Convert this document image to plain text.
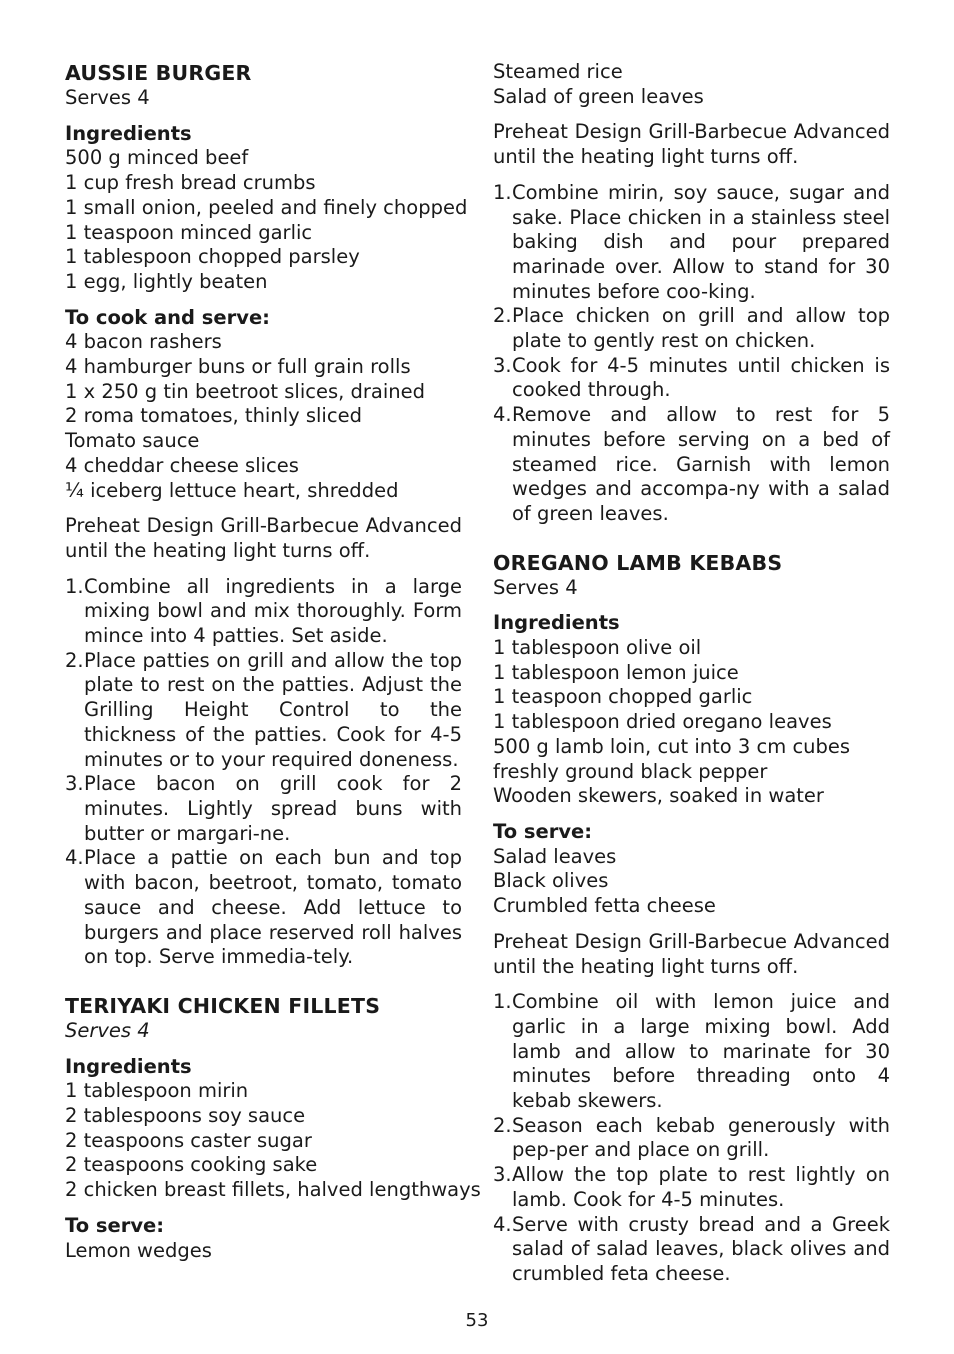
AUSSIE BURGER
Serves 4
Ingredients
500 g minced beef
1 cup fresh bread crumbs
1 small onion, peeled and finely chopped
1 teaspoon minced garlic
1 tablespoon chopped parsley
1 egg, lightly beaten
To cook and serve:
4 bacon rashers
4 hamburger buns or full grain rolls
1 x 250 g tin beetroot slices, drained
2 roma tomatoes, thinly sliced
Tomato sauce
4 cheddar cheese slices
¼ iceberg lettuce heart, shredded
Preheat Design Grill-Barbecue Advanced until the heating light turns off.
1. Combine all ingredients in a large mixing bowl and mix thoroughly. Form mince into 4 patties. Set aside.
2. Place patties on grill and allow the top plate to rest on the patties. Adjust the Grilling Height Control to the thickness of the patties. Cook for 4-5 minutes or to your required doneness.
3. Place bacon on grill cook for 2 minutes. Lightly spread buns with butter or margari-ne.
4. Place a pattie on each bun and top with bacon, beetroot, tomato, tomato sauce and cheese. Add lettuce to burgers and place reserved roll halves on top. Serve immedia-tely.
TERIYAKI CHICKEN FILLETS
Serves 4
Ingredients
1 tablespoon mirin
2 tablespoons soy sauce
2 teaspoons caster sugar
2 teaspoons cooking sake
2 chicken breast fillets, halved lengthways
To serve:
Lemon wedges
Steamed rice
Salad of green leaves
Preheat Design Grill-Barbecue Advanced until the heating light turns off.
1. Combine mirin, soy sauce, sugar and sake. Place chicken in a stainless steel baking dish and pour prepared marinade over. Allow to stand for 30 minutes before coo-king.
2. Place chicken on grill and allow top plate to gently rest on chicken.
3. Cook for 4-5 minutes until chicken is cooked through.
4. Remove and allow to rest for 5 minutes before serving on a bed of steamed rice. Garnish with lemon wedges and accompa-ny with a salad of green leaves.
OREGANO LAMB KEBABS
Serves 4
Ingredients
1 tablespoon olive oil
1 tablespoon lemon juice
1 teaspoon chopped garlic
1 tablespoon dried oregano leaves
500 g lamb loin, cut into 3 cm cubes
freshly ground black pepper
Wooden skewers, soaked in water
To serve:
Salad leaves
Black olives
Crumbled fetta cheese
Preheat Design Grill-Barbecue Advanced until the heating light turns off.
1. Combine oil with lemon juice and garlic in a large mixing bowl. Add lamb and allow to marinate for 30 minutes before threading onto 4 kebab skewers.
2. Season each kebab generously with pep-per and place on grill.
3. Allow the top plate to rest lightly on lamb. Cook for 4-5 minutes.
4. Serve with crusty bread and a Greek salad of salad leaves, black olives and crumbled feta cheese.
53
